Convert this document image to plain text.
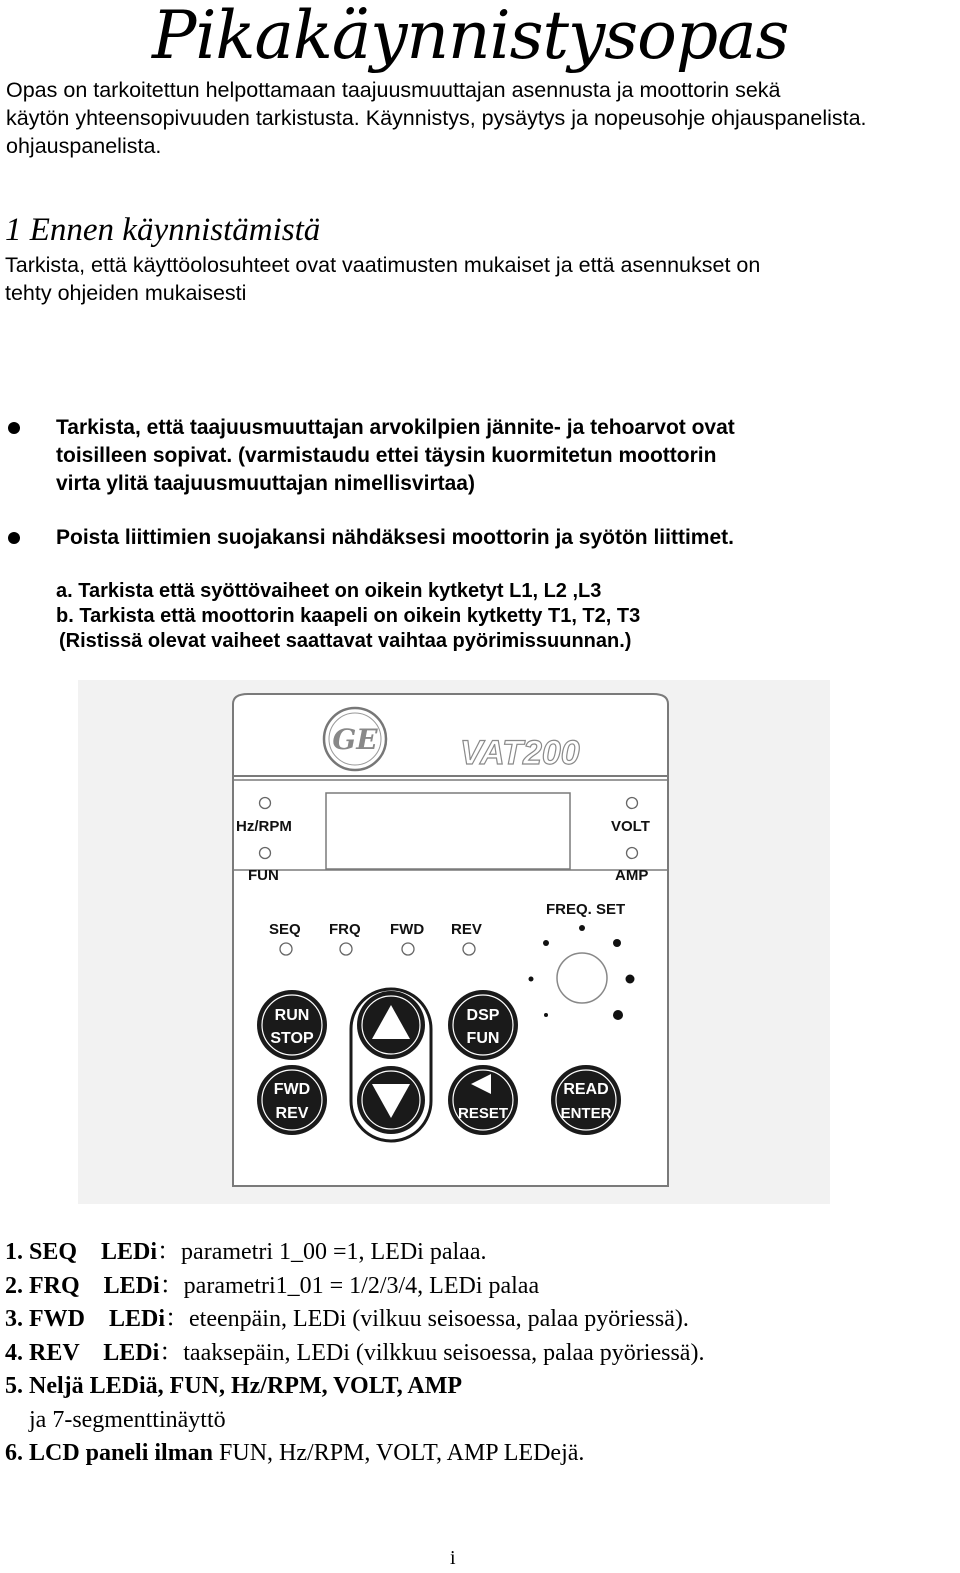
Pikakäynnistysopas

Opas on tarkoitettun helpottamaan taajuusmuuttajan asennusta ja moottorin sekä

käytön yhteensopivuuden tarkistusta. Käynnistys, pysäytys ja nopeusohje ohjauspanelista.

ohjauspanelista.

1 Ennen käynnistämistä
Tarkista, että käyttöolosuhteet ovat vaatimusten mukaiset ja että asennukset on
tehty ohjeiden mukaisesti
Tarkista, että taajuusmuuttajan arvokilpien jännite- ja tehoarvot ovat
toisilleen sopivat. (varmistaudu ettei täysin kuormitetun moottorin
virta ylitä taajuusmuuttajan nimellisvirtaa)
Poista liittimien suojakansi nähdäksesi moottorin ja syötön liittimet.
a. Tarkista että syöttövaiheet on oikein kytketyt L1, L2 ,L3
b. Tarkista että moottorin kaapeli on oikein kytketty T1, T2, T3
(Ristissä olevat vaiheet saattavat vaihtaa pyörimissuunnan.)
GE VAT200
Hz/RPM
FUN
VOLT
AMP
SEQ FRQ FWD REV
FREQ. SET
RUN
STOP
DSP
FUN
FWD
REV	RESET
READ
ENTER
1. SEQ    LEDi：parametri 1_00 =1, LEDi palaa.
2. FRQ    LEDi：parametri1_01 = 1/2/3/4, LEDi palaa
3. FWD    LEDi：eteenpäin, LEDi (vilkuu seisoessa, palaa pyöriessä).
4. REV    LEDi：taaksepäin, LEDi (vilkkuu seisoessa, palaa pyöriessä).
5. Neljä LEDiä, FUN, Hz/RPM, VOLT, AMP
ja 7-segmenttinäyttö
6. LCD paneli ilman FUN, Hz/RPM, VOLT, AMP LEDejä.
i
